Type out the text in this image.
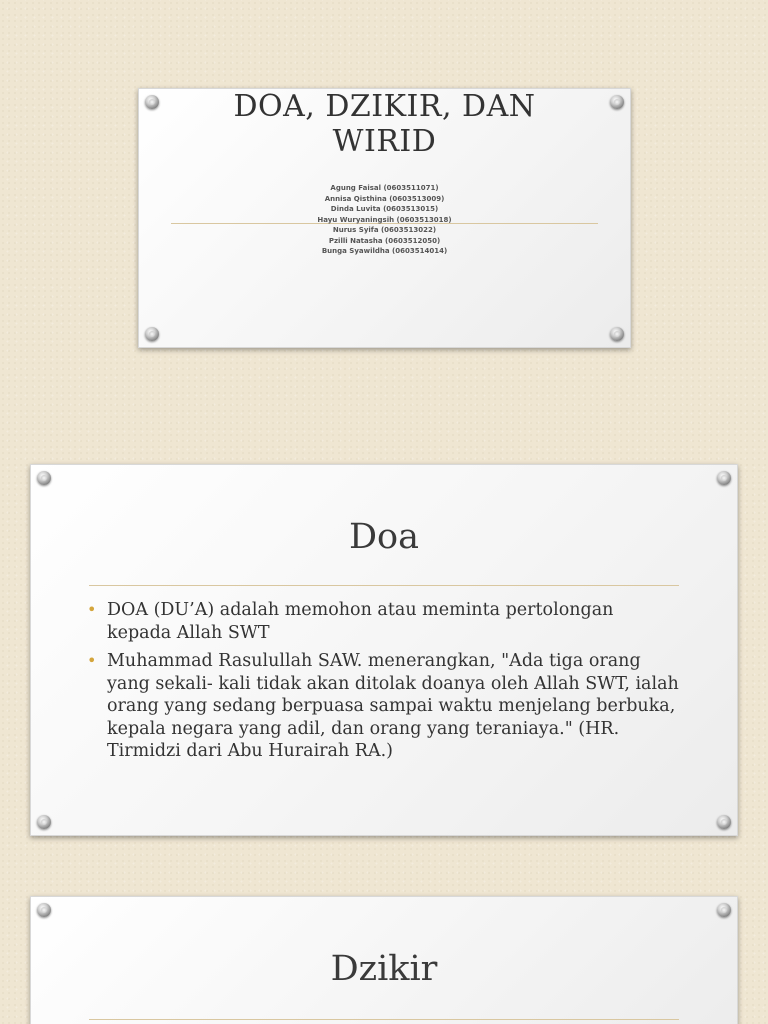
DOA, DZIKIR, DAN
WIRID
Agung Faisal (0603511071)
Annisa Qisthina (0603513009)
Dinda Luvita (0603513015)
Hayu Wuryaningsih (0603513018)
Nurus Syifa (0603513022)
Pzilli Natasha (0603512050)
Bunga Syawildha (0603514014)
Doa
• DOA (DU’A) adalah memohon atau meminta pertolongan kepada Allah SWT
• Muhammad Rasulullah SAW. menerangkan, "Ada tiga orang yang sekali- kali tidak akan ditolak doanya oleh Allah SWT, ialah orang yang sedang berpuasa sampai waktu menjelang berbuka, kepala negara yang adil, dan orang yang teraniaya." (HR. Tirmidzi dari Abu Hurairah RA.)
Dzikir
